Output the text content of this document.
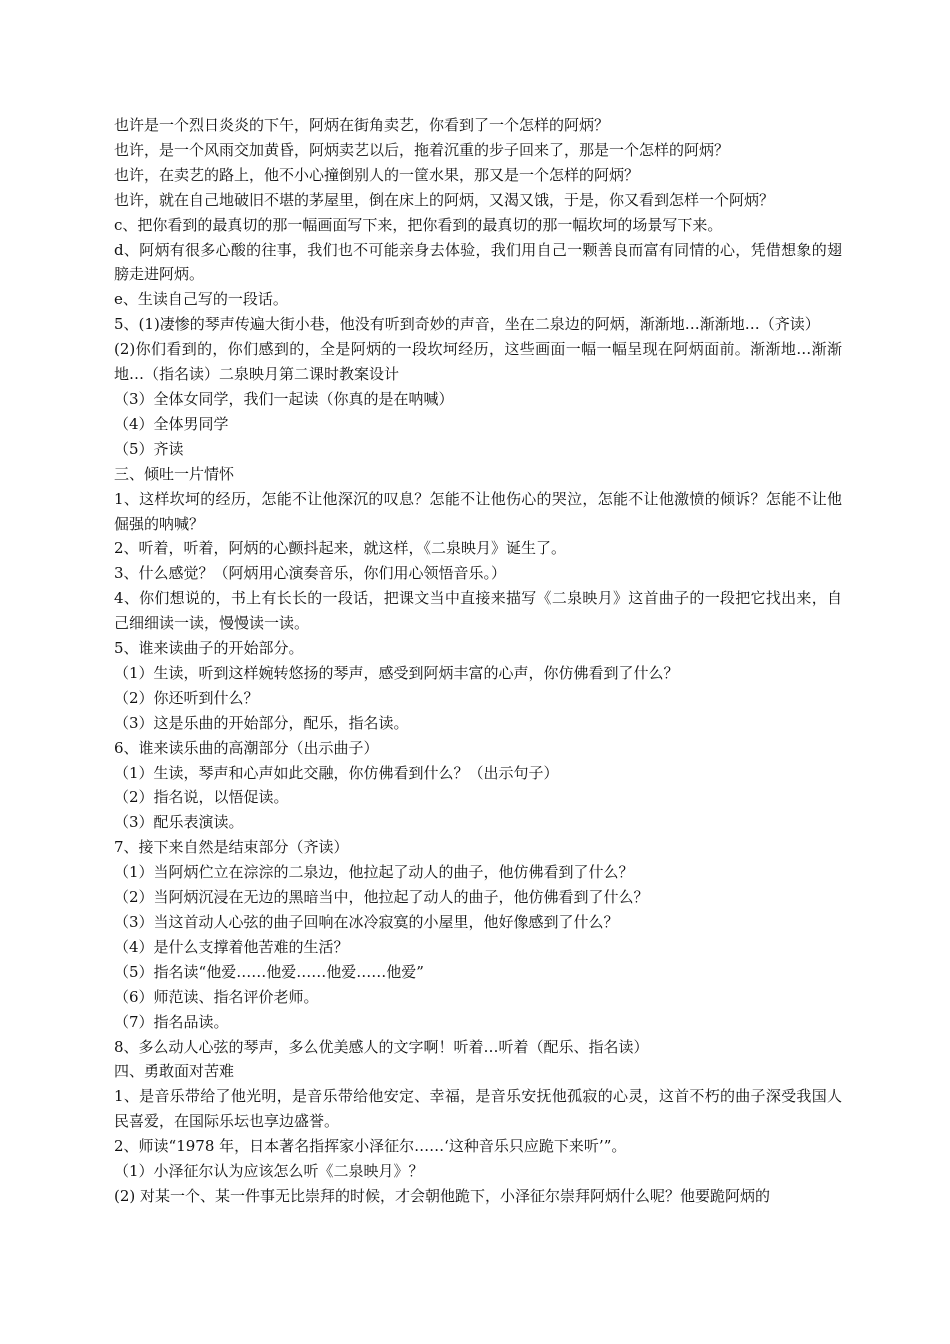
也许是一个烈日炎炎的下午，阿炳在街角卖艺，你看到了一个怎样的阿炳？

也许，是一个风雨交加黄昏，阿炳卖艺以后，拖着沉重的步子回来了，那是一个怎样的阿炳？

也许，在卖艺的路上，他不小心撞倒别人的一筐水果，那又是一个怎样的阿炳？

也许，就在自己地破旧不堪的茅屋里，倒在床上的阿炳，又渴又饿，于是，你又看到怎样一个阿炳？

c、把你看到的最真切的那一幅画面写下来，把你看到的最真切的那一幅坎坷的场景写下来。

d、阿炳有很多心酸的往事，我们也不可能亲身去体验，我们用自己一颗善良而富有同情的心，凭借想象的翅膀走进阿炳。

e、生读自己写的一段话。

5、(1)凄惨的琴声传遍大街小巷，他没有听到奇妙的声音，坐在二泉边的阿炳，渐渐地…渐渐地…（齐读）

(2)你们看到的，你们感到的，全是阿炳的一段坎坷经历，这些画面一幅一幅呈现在阿炳面前。渐渐地…渐渐地…（指名读）二泉映月第二课时教案设计

（3）全体女同学，我们一起读（你真的是在呐喊）

（4）全体男同学

（5）齐读

三、倾吐一片情怀

1、这样坎坷的经历，怎能不让他深沉的叹息？怎能不让他伤心的哭泣，怎能不让他激愤的倾诉？怎能不让他倔强的呐喊？

2、听着，听着，阿炳的心颤抖起来，就这样，《二泉映月》诞生了。

3、什么感觉？（阿炳用心演奏音乐，你们用心领悟音乐。）

4、你们想说的，书上有长长的一段话，把课文当中直接来描写《二泉映月》这首曲子的一段把它找出来，自己细细读一读，慢慢读一读。

5、谁来读曲子的开始部分。

（1）生读，听到这样婉转悠扬的琴声，感受到阿炳丰富的心声，你仿佛看到了什么？

（2）你还听到什么？

（3）这是乐曲的开始部分，配乐，指名读。

6、谁来读乐曲的高潮部分（出示曲子）

（1）生读，琴声和心声如此交融，你仿佛看到什么？（出示句子）

（2）指名说，以悟促读。

（3）配乐表演读。

7、接下来自然是结束部分（齐读）

（1）当阿炳伫立在淙淙的二泉边，他拉起了动人的曲子，他仿佛看到了什么？

（2）当阿炳沉浸在无边的黑暗当中，他拉起了动人的曲子，他仿佛看到了什么？

（3）当这首动人心弦的曲子回响在冰冷寂寞的小屋里，他好像感到了什么？

（4）是什么支撑着他苦难的生活？

（5）指名读“他爱……他爱……他爱……他爱”

（6）师范读、指名评价老师。

（7）指名品读。

8、多么动人心弦的琴声，多么优美感人的文字啊！听着…听着（配乐、指名读）

四、勇敢面对苦难

1、是音乐带给了他光明，是音乐带给他安定、幸福，是音乐安抚他孤寂的心灵，这首不朽的曲子深受我国人民喜爱，在国际乐坛也享边盛誉。

2、师读“1978 年，日本著名指挥家小泽征尔……‘这种音乐只应跪下来听’”。

（1）小泽征尔认为应该怎么听《二泉映月》？

(2) 对某一个、某一件事无比崇拜的时候，才会朝他跪下，小泽征尔崇拜阿炳什么呢？他要跪阿炳的
